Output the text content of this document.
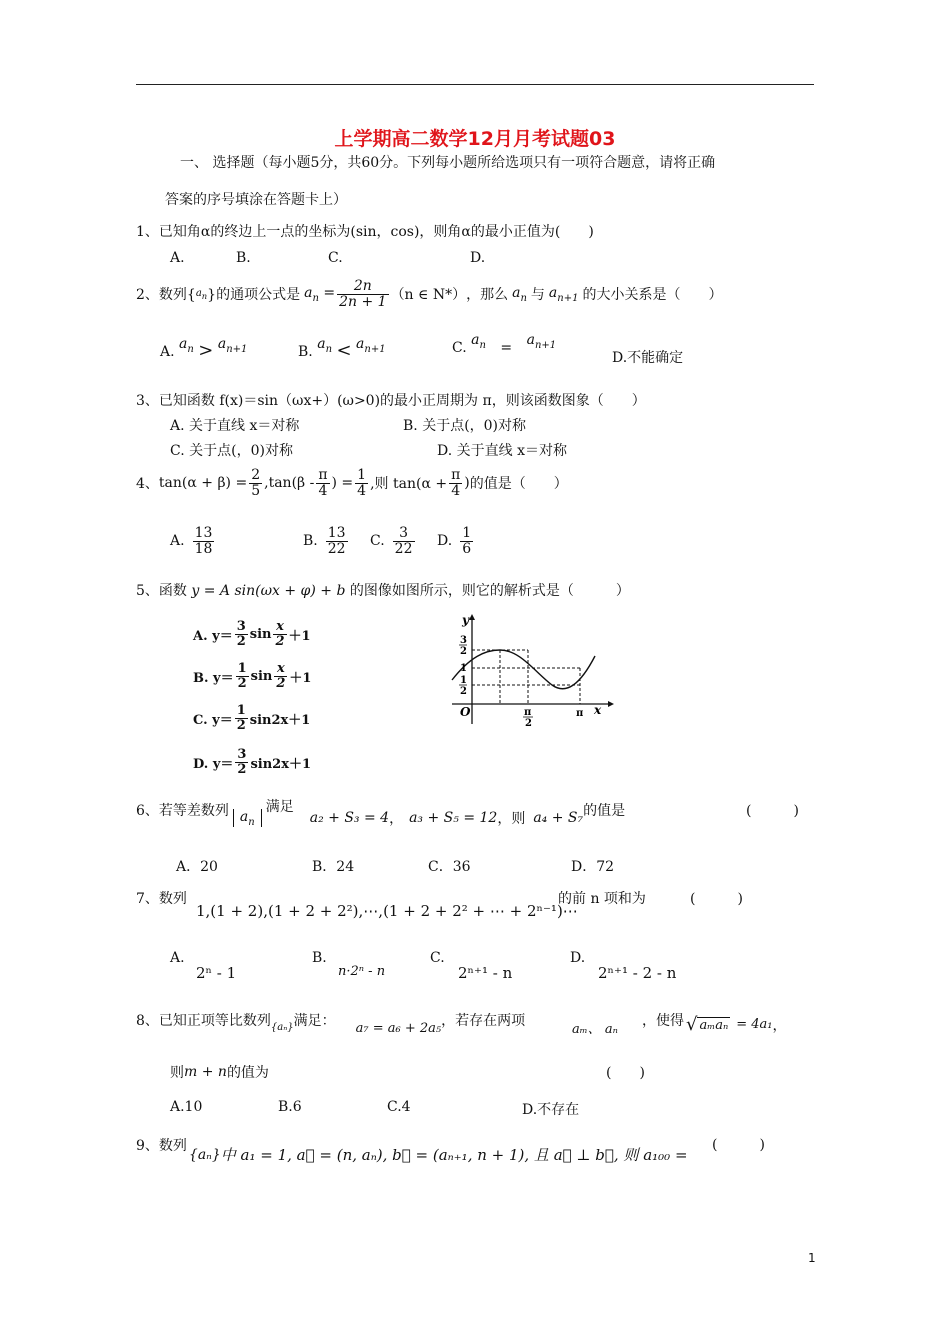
上学期高二数学12月月考试题03
一、 选择题（每小题5分，共60分。下列每小题所给选项只有一项符合题意，请将正确
答案的序号填涂在答题卡上）
1、已知角α的终边上一点的坐标为(sin，cos)，则角α的最小正值为(　　)
A.	B.	C.	D.
2、数列{ $a_n$ }的通项公式是 $a_n = \frac{2n}{2n + 1} (n$ ∈ N*） ，那么 $a_n$ 与 $a_{n+1}$ 的大小关系是（　　）
A. $a_n > a_{n+1}$	B. $a_n < a_{n+1}$	C. $a_n = a_{n+1}$
D.不能确定
3、已知函数 f(x)＝sin（ωx+）(ω>0)的最小正周期为 π，则该函数图象（　　）
A. 关于直线 x＝对称	B. 关于点(，0)对称
C. 关于点(，0)对称	D. 关于直线 x＝对称
4、 $\tan(\alpha + \beta) = \frac{2}{5} ,\tan(\beta - \frac{\pi}{4}$ ) = $\frac{1}{4}$ ,则 $\tan(\alpha + \frac{\pi}{4}$ ) 的值是（　　）
A. $\frac{13}{18}$	B. $\frac{13}{22} C$. $\frac{3}{22} D$. $\frac{1}{6}$
5、函数 y = A sin(ωx + φ) + b 的图像如图所示，则它的解析式是（　　　）
A. $y= \frac{3}{2}$ $\sin \frac{x}{2} +1$
B. $y= \frac{1}{2}$ $\sin \frac{x}{2} +1$
C. $y= \frac{1}{2} \sin 2x+1$
D. $y= \frac{3}{2} \sin 2x+1$
y
x
O
3
2
1
1
2
π
2
π
6、若等差数列 $a_n$
满足
a₂ + S₃ = 4 ， a₃ + S₅ = 12 ，则 a₄ + S₇ 的值是	(　　　)
A．20	B．24	C．36	D．72
7、数列
1,(1 + 2),(1 + 2 + 2²),⋯,(1 + 2 + 2² + ⋯ + 2ⁿ⁻¹)⋯
的前 n 项和为	(　　　)
A.
2ⁿ - 1
B.
n·2ⁿ - n
C.
2ⁿ⁺¹ - n
D.
2ⁿ⁺¹ - 2 - n
8、已知正项等比数列 {aₙ} 满足： a₇ = a₆ + 2a₅ ，若存在两项
aₘ、 aₙ
，使得 √ aₘaₙ = 4a₁ ，
则 m + n 的值为	(　　)
A.10	B.6	C.4	D.不存在
9、数列
{aₙ} 中 a₁ = 1, a⃗ = (n, aₙ), b⃗ = (aₙ₊₁, n + 1), 且 a⃗ ⊥ b⃗, 则 a₁₀₀ =
(　　　)
1
